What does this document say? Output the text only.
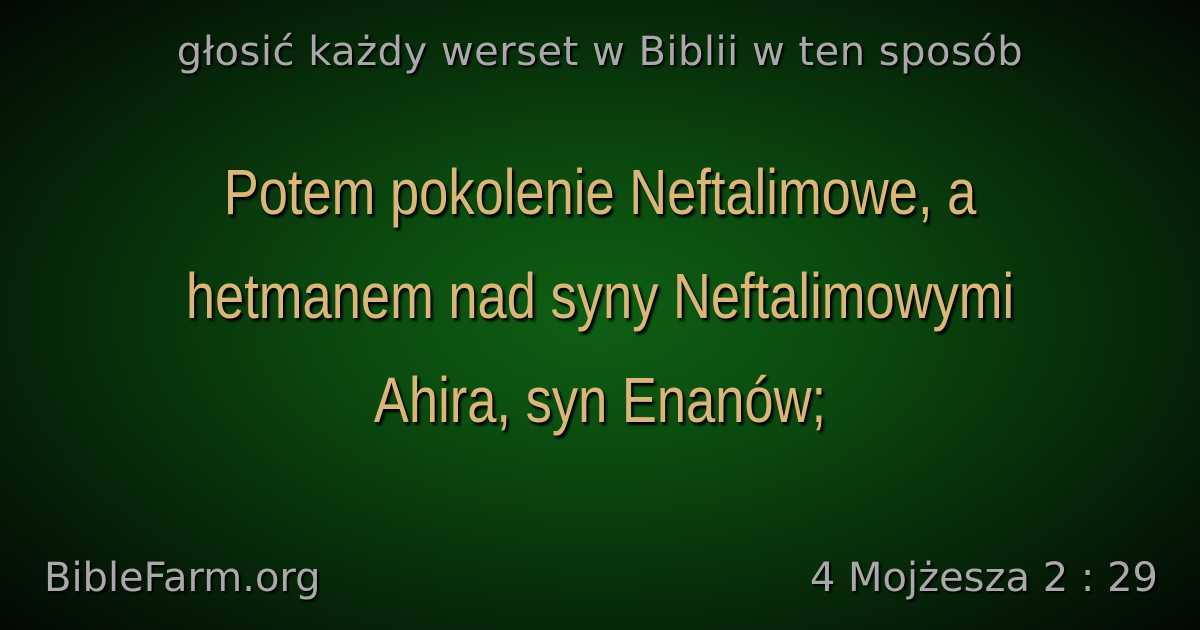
głosić każdy werset w Biblii w ten sposób
Potem pokolenie Neftalimowe, a hetmanem nad syny Neftalimowymi Ahira, syn Enanów;
BibleFarm.org	4 Mojżesza 2 : 29
